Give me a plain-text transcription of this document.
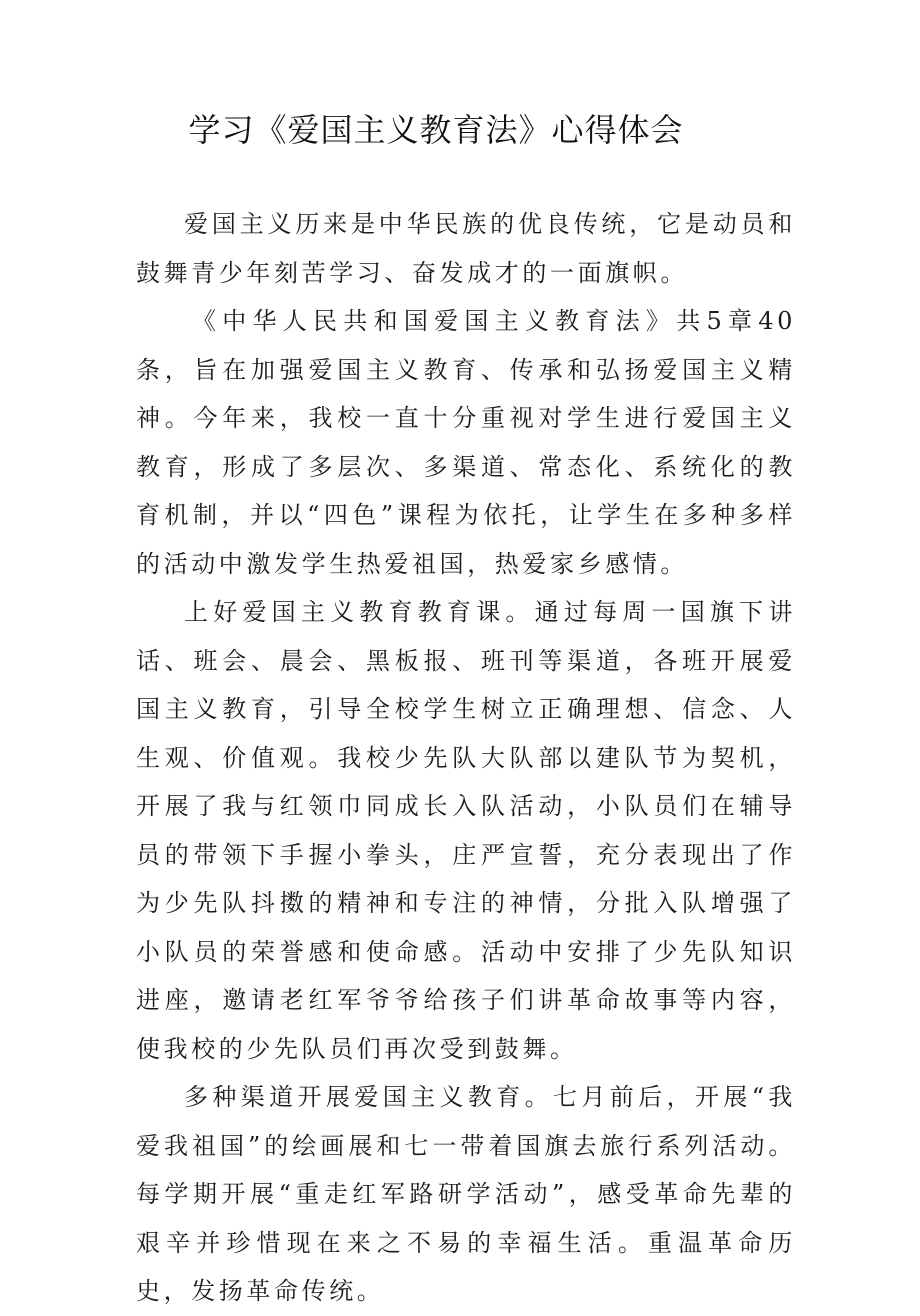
学习《爱国主义教育法》心得体会

爱国主义历来是中华民族的优良传统，它是动员和鼓舞青少年刻苦学习、奋发成才的一面旗帜。

《中华人民共和国爱国主义教育法》共5章40条，旨在加强爱国主义教育、传承和弘扬爱国主义精神。今年来，我校一直十分重视对学生进行爱国主义教育，形成了多层次、多渠道、常态化、系统化的教育机制，并以“四色”课程为依托，让学生在多种多样的活动中激发学生热爱祖国，热爱家乡感情。

上好爱国主义教育教育课。通过每周一国旗下讲话、班会、晨会、黑板报、班刊等渠道，各班开展爱国主义教育，引导全校学生树立正确理想、信念、人生观、价值观。我校少先队大队部以建队节为契机，开展了我与红领巾同成长入队活动，小队员们在辅导员的带领下手握小拳头，庄严宣誓，充分表现出了作为少先队抖擞的精神和专注的神情，分批入队增强了小队员的荣誉感和使命感。活动中安排了少先队知识进座，邀请老红军爷爷给孩子们讲革命故事等内容，使我校的少先队员们再次受到鼓舞。

多种渠道开展爱国主义教育。七月前后，开展“我爱我祖国”的绘画展和七一带着国旗去旅行系列活动。每学期开展“重走红军路研学活动”，感受革命先辈的艰辛并珍惜现在来之不易的幸福生活。重温革命历史，发扬革命传统。
